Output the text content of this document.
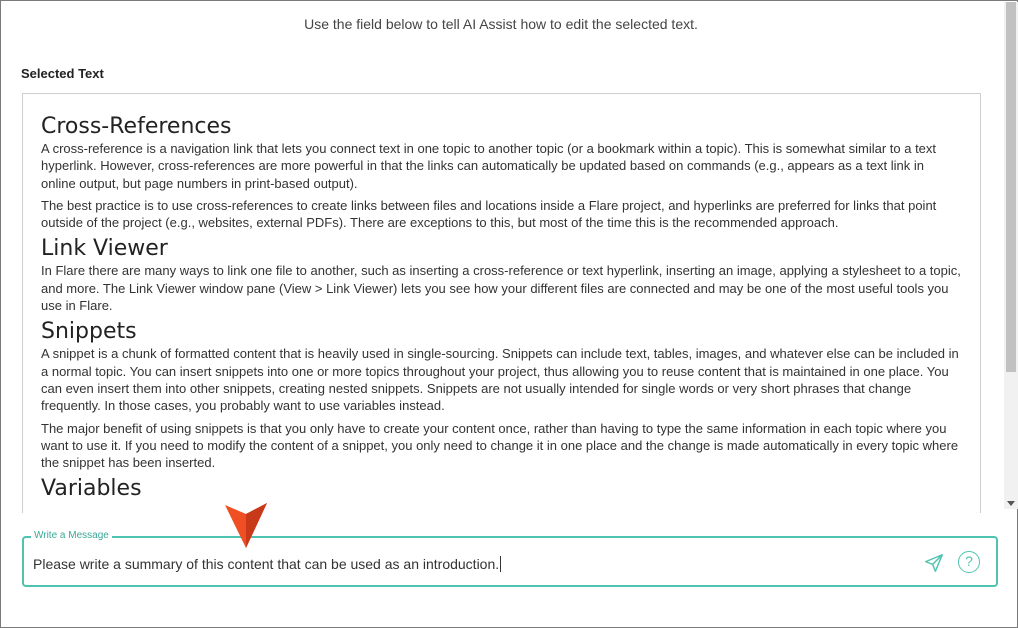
Use the field below to tell AI Assist how to edit the selected text.
Selected Text
Cross-References

A cross-reference is a navigation link that lets you connect text in one topic to another topic (or a bookmark within a topic). This is somewhat similar to a text hyperlink. However, cross-references are more powerful in that the links can automatically be updated based on commands (e.g., appears as a text link in online output, but page numbers in print-based output).

The best practice is to use cross-references to create links between files and locations inside a Flare project, and hyperlinks are preferred for links that point outside of the project (e.g., websites, external PDFs). There are exceptions to this, but most of the time this is the recommended approach.

Link Viewer

In Flare there are many ways to link one file to another, such as inserting a cross-reference or text hyperlink, inserting an image, applying a stylesheet to a topic, and more. The Link Viewer window pane (View > Link Viewer) lets you see how your different files are connected and may be one of the most useful tools you use in Flare.

Snippets

A snippet is a chunk of formatted content that is heavily used in single-sourcing. Snippets can include text, tables, images, and whatever else can be included in a normal topic. You can insert snippets into one or more topics throughout your project, thus allowing you to reuse content that is maintained in one place. You can even insert them into other snippets, creating nested snippets. Snippets are not usually intended for single words or very short phrases that change frequently. In those cases, you probably want to use variables instead.

The major benefit of using snippets is that you only have to create your content once, rather than having to type the same information in each topic where you want to use it. If you need to modify the content of a snippet, you only need to change it in one place and the change is made automatically in every topic where the snippet has been inserted.

Variables
Write a Message
Please write a summary of this content that can be used as an introduction.	?
